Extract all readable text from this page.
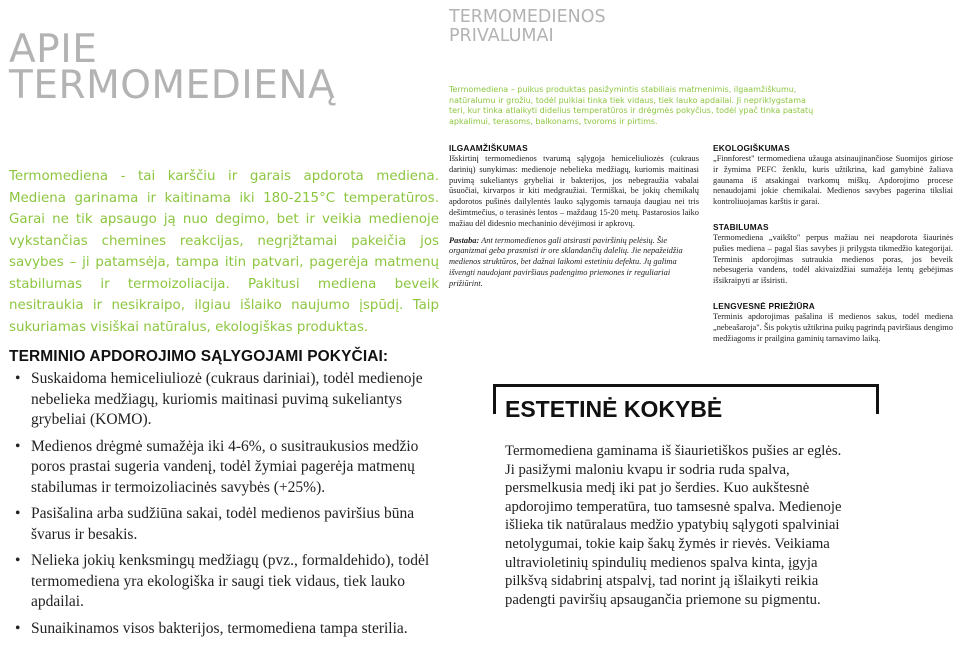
APIE
TERMOMEDIENĄ

Termomediena - tai karščiu ir garais apdorota mediena. Mediena garinama ir kaitinama iki 180-215°C temperatūros. Garai ne tik apsaugo ją nuo degimo, bet ir veikia medienoje vykstančias chemines reakcijas, negrįžtamai pakeičia jos savybes – ji patamsėja, tampa itin patvari, pagerėja matmenų stabilumas ir termoizoliacija. Pakitusi mediena beveik nesitraukia ir nesikraipo, ilgiau išlaiko naujumo įspūdį. Taip sukuriamas visiškai natūralus, ekologiškas produktas.

TERMINIO APDOROJIMO SĄLYGOJAMI POKYČIAI:
• Suskaidoma hemiceliuliozė (cukraus dariniai), todėl medienoje nebelieka medžiagų, kuriomis maitinasi puvimą sukeliantys grybeliai (KOMO).
• Medienos drėgmė sumažėja iki 4-6%, o susitraukusios medžio poros prastai sugeria vandenį, todėl žymiai pagerėja matmenų stabilumas ir termoizoliacinės savybės (+25%).
• Pasišalina arba sudžiūna sakai, todėl medienos paviršius būna švarus ir besakis.
• Nelieka jokių kenksmingų medžiagų (pvz., formaldehido), todėl termomediena yra ekologiška ir saugi tiek vidaus, tiek lauko apdailai.
• Sunaikinamos visos bakterijos, termomediena tampa sterilia.
TERMOMEDIENOS
PRIVALUMAI

Termomediena – puikus produktas pasižymintis stabiliais matmenimis, ilgaamžiškumu, natūralumu ir grožiu, todėl puikiai tinka tiek vidaus, tiek lauko apdailai. Ji nepriklygstama teri, kur tinka atlaikyti didelius temperatūros ir drėgmės pokyčius, todėl ypač tinka pastatų apkalimui, terasoms, balkonams, tvoroms ir pirtims.

ILGAAMŽIŠKUMAS

Išskirtinį termomedienos tvarumą sąlygoja hemiceliuliozės (cukraus darinių) sunykimas: medienoje nebelieka medžiagų, kuriomis maitinasi puvimą sukeliantys grybeliai ir bakterijos, jos nebegraužia vabalai ūsuočiai, kirvarpos ir kiti medgraužiai. Termiškai, be jokių chemikalų apdorotos pušinės dailylentės lauko sąlygomis tarnauja daugiau nei tris dešimtmečius, o terasinės lentos – maždaug 15-20 metų. Pastarosios laiko mažiau dėl didesnio mechaninio dėvėjimosi ir apkrovų.

Pastaba: Ant termomedienos gali atsirasti paviršinių pelėsių. Šie organizmai geba prasmisti ir ore sklandančių dalelių. Jie nepažeidžia medienos struktūros, bet dažnai laikomi estetiniu defektu. Jų galima išvengti naudojant paviršiaus padengimo priemones ir reguliariai prižiūrint.

EKOLOGIŠKUMAS

„Finnforest" termomediena užauga atsinaujinančiose Suomijos giriose ir žymima PEFC ženklu, kuris užtikrina, kad gamybinė žaliava gaunama iš atsakingai tvarkomų miškų. Apdorojimo procese nenaudojami jokie chemikalai. Medienos savybes pagerina tiksliai kontroliuojamas karštis ir garai.

STABILUMAS

Termomediena „vaikšto" perpus mažiau nei neapdorota šiaurinės pušies mediena – pagal šias savybes ji prilygsta tikmedžio kategorijai. Terminis apdorojimas sutraukia medienos poras, jos beveik nebesugeria vandens, todėl akivaizdžiai sumažėja lentų gebėjimas išsikraipyti ar išsiristi.

LENGVESNĖ PRIEŽIŪRA

Terminis apdorojimas pašalina iš medienos sakus, todėl mediena „nebeašaroja". Šis pokytis užtikrina puikų pagrindą paviršiaus dengimo medžiagoms ir prailgina gaminių tarnavimo laiką.

ESTETINĖ KOKYBĖ

Termomediena gaminama iš šiaurietiškos pušies ar eglės. Ji pasižymi maloniu kvapu ir sodria ruda spalva, persmelkusia medį iki pat jo šerdies. Kuo aukštesnė apdorojimo temperatūra, tuo tamsesnė spalva. Medienoje išlieka tik natūralaus medžio ypatybių sąlygoti spalviniai netolygumai, tokie kaip šakų žymės ir rievės. Veikiama ultravioletinių spindulių medienos spalva kinta, įgyja pilkšvą sidabrinį atspalvį, tad norint ją išlaikyti reikia padengti paviršių apsaugančia priemone su pigmentu.
